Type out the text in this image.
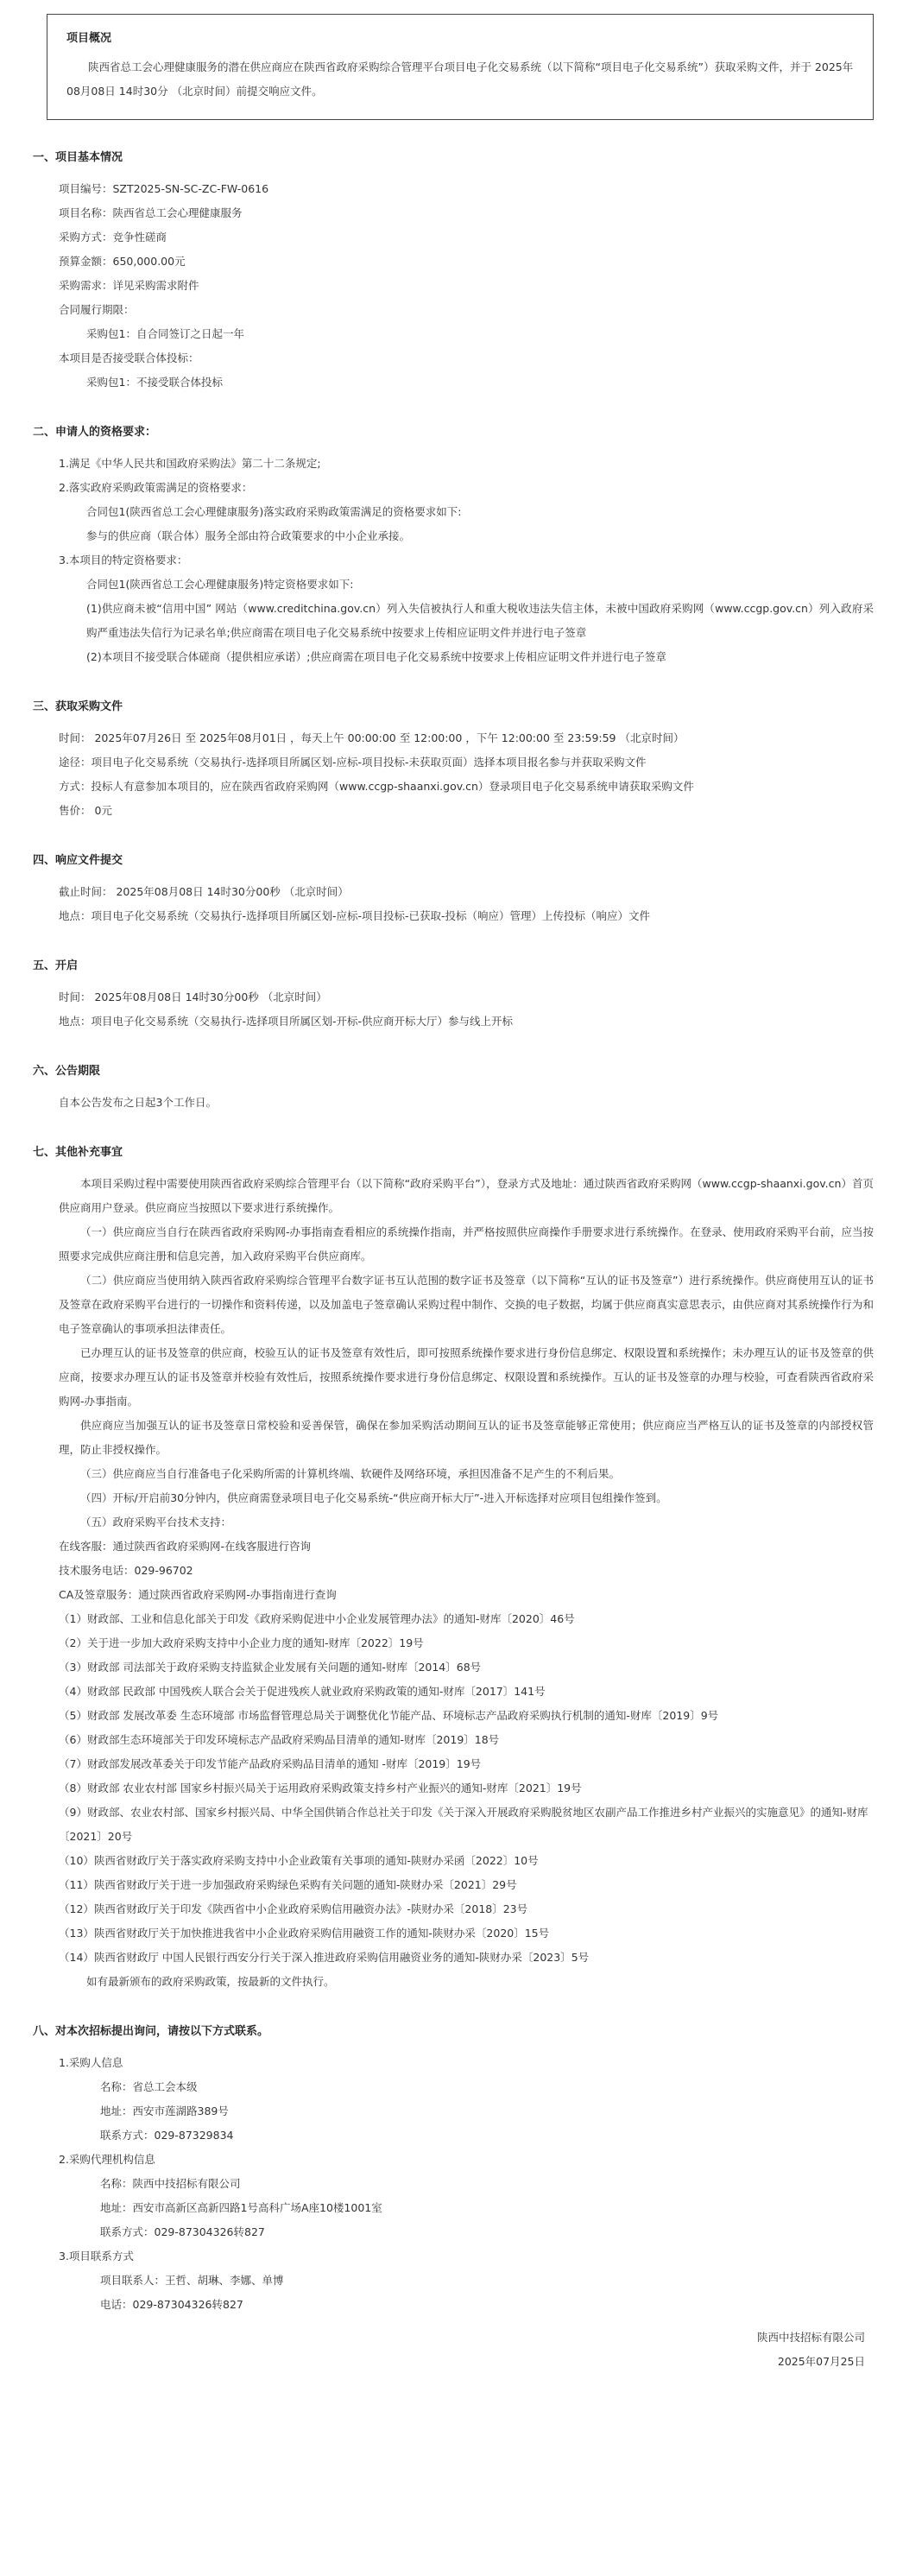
项目概况
陕西省总工会心理健康服务的潜在供应商应在陕西省政府采购综合管理平台项目电子化交易系统（以下简称“项目电子化交易系统”）获取采购文件，并于 2025年08月08日 14时30分 （北京时间）前提交响应文件。
一、项目基本情况
项目编号：SZT2025-SN-SC-ZC-FW-0616
项目名称：陕西省总工会心理健康服务
采购方式：竞争性磋商
预算金额：650,000.00元
采购需求：详见采购需求附件
合同履行期限：
采购包1：自合同签订之日起一年
本项目是否接受联合体投标：
采购包1：不接受联合体投标
二、申请人的资格要求：
1.满足《中华人民共和国政府采购法》第二十二条规定;
2.落实政府采购政策需满足的资格要求：
合同包1(陕西省总工会心理健康服务)落实政府采购政策需满足的资格要求如下:
参与的供应商（联合体）服务全部由符合政策要求的中小企业承接。
3.本项目的特定资格要求：
合同包1(陕西省总工会心理健康服务)特定资格要求如下:
(1)供应商未被“信用中国” 网站（www.creditchina.gov.cn）列入失信被执行人和重大税收违法失信主体，未被中国政府采购网（www.ccgp.gov.cn）列入政府采购严重违法失信行为记录名单;供应商需在项目电子化交易系统中按要求上传相应证明文件并进行电子签章
(2)本项目不接受联合体磋商（提供相应承诺）;供应商需在项目电子化交易系统中按要求上传相应证明文件并进行电子签章
三、获取采购文件
时间： 2025年07月26日 至 2025年08月01日 ，每天上午 00:00:00 至 12:00:00 ，下午 12:00:00 至 23:59:59 （北京时间）
途径：项目电子化交易系统（交易执行-选择项目所属区划-应标-项目投标-未获取页面）选择本项目报名参与并获取采购文件
方式：投标人有意参加本项目的，应在陕西省政府采购网（www.ccgp-shaanxi.gov.cn）登录项目电子化交易系统申请获取采购文件
售价： 0元
四、响应文件提交
截止时间： 2025年08月08日 14时30分00秒 （北京时间）
地点：项目电子化交易系统（交易执行-选择项目所属区划-应标-项目投标-已获取-投标（响应）管理）上传投标（响应）文件
五、开启
时间： 2025年08月08日 14时30分00秒 （北京时间）
地点：项目电子化交易系统（交易执行-选择项目所属区划-开标-供应商开标大厅）参与线上开标
六、公告期限
自本公告发布之日起3个工作日。
七、其他补充事宜
本项目采购过程中需要使用陕西省政府采购综合管理平台（以下简称“政府采购平台”），登录方式及地址：通过陕西省政府采购网（www.ccgp-shaanxi.gov.cn）首页供应商用户登录。供应商应当按照以下要求进行系统操作。
（一）供应商应当自行在陕西省政府采购网-办事指南查看相应的系统操作指南，并严格按照供应商操作手册要求进行系统操作。在登录、使用政府采购平台前，应当按照要求完成供应商注册和信息完善，加入政府采购平台供应商库。
（二）供应商应当使用纳入陕西省政府采购综合管理平台数字证书互认范围的数字证书及签章（以下简称“互认的证书及签章”）进行系统操作。供应商使用互认的证书及签章在政府采购平台进行的一切操作和资料传递，以及加盖电子签章确认采购过程中制作、交换的电子数据，均属于供应商真实意思表示，由供应商对其系统操作行为和电子签章确认的事项承担法律责任。
已办理互认的证书及签章的供应商，校验互认的证书及签章有效性后，即可按照系统操作要求进行身份信息绑定、权限设置和系统操作；未办理互认的证书及签章的供应商，按要求办理互认的证书及签章并校验有效性后，按照系统操作要求进行身份信息绑定、权限设置和系统操作。互认的证书及签章的办理与校验，可查看陕西省政府采购网-办事指南。
供应商应当加强互认的证书及签章日常校验和妥善保管，确保在参加采购活动期间互认的证书及签章能够正常使用；供应商应当严格互认的证书及签章的内部授权管理，防止非授权操作。
（三）供应商应当自行准备电子化采购所需的计算机终端、软硬件及网络环境，承担因准备不足产生的不利后果。
（四）开标/开启前30分钟内，供应商需登录项目电子化交易系统-“供应商开标大厅”-进入开标选择对应项目包组操作签到。
（五）政府采购平台技术支持：
在线客服：通过陕西省政府采购网-在线客服进行咨询
技术服务电话：029-96702
CA及签章服务：通过陕西省政府采购网-办事指南进行查询
（1）财政部、工业和信息化部关于印发《政府采购促进中小企业发展管理办法》的通知-财库〔2020〕46号
（2）关于进一步加大政府采购支持中小企业力度的通知-财库〔2022〕19号
（3）财政部 司法部关于政府采购支持监狱企业发展有关问题的通知-财库〔2014〕68号
（4）财政部 民政部 中国残疾人联合会关于促进残疾人就业政府采购政策的通知-财库〔2017〕141号
（5）财政部 发展改革委 生态环境部 市场监督管理总局关于调整优化节能产品、环境标志产品政府采购执行机制的通知-财库〔2019〕9号
（6）财政部生态环境部关于印发环境标志产品政府采购品目清单的通知-财库〔2019〕18号
（7）财政部发展改革委关于印发节能产品政府采购品目清单的通知 -财库〔2019〕19号
（8）财政部 农业农村部 国家乡村振兴局关于运用政府采购政策支持乡村产业振兴的通知-财库〔2021〕19号
（9）财政部、农业农村部、国家乡村振兴局、中华全国供销合作总社关于印发《关于深入开展政府采购脱贫地区农副产品工作推进乡村产业振兴的实施意见》的通知-财库〔2021〕20号
（10）陕西省财政厅关于落实政府采购支持中小企业政策有关事项的通知-陕财办采函〔2022〕10号
（11）陕西省财政厅关于进一步加强政府采购绿色采购有关问题的通知-陕财办采〔2021〕29号
（12）陕西省财政厅关于印发《陕西省中小企业政府采购信用融资办法》-陕财办采〔2018〕23号
（13）陕西省财政厅关于加快推进我省中小企业政府采购信用融资工作的通知-陕财办采〔2020〕15号
（14）陕西省财政厅 中国人民银行西安分行关于深入推进政府采购信用融资业务的通知-陕财办采〔2023〕5号
如有最新颁布的政府采购政策，按最新的文件执行。
八、对本次招标提出询问，请按以下方式联系。
1.采购人信息
名称：省总工会本级
地址：西安市莲湖路389号
联系方式：029-87329834
2.采购代理机构信息
名称：陕西中技招标有限公司
地址：西安市高新区高新四路1号高科广场A座10楼1001室
联系方式：029-87304326转827
3.项目联系方式
项目联系人：王哲、胡琳、李娜、单博
电话：029-87304326转827
陕西中技招标有限公司
2025年07月25日
